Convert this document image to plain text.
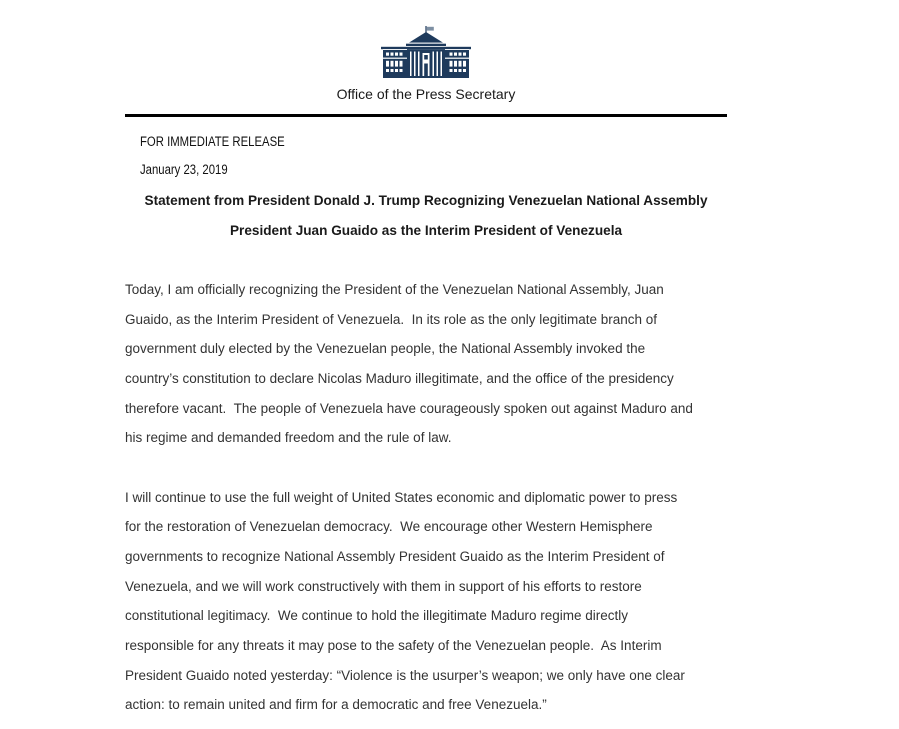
Office of the Press Secretary

FOR IMMEDIATE RELEASE

January 23, 2019

Statement from President Donald J. Trump Recognizing Venezuelan National Assembly
President Juan Guaido as the Interim President of Venezuela
Today, I am officially recognizing the President of the Venezuelan National Assembly, Juan
Guaido, as the Interim President of Venezuela.  In its role as the only legitimate branch of
government duly elected by the Venezuelan people, the National Assembly invoked the
country’s constitution to declare Nicolas Maduro illegitimate, and the office of the presidency
therefore vacant.  The people of Venezuela have courageously spoken out against Maduro and
his regime and demanded freedom and the rule of law.
I will continue to use the full weight of United States economic and diplomatic power to press
for the restoration of Venezuelan democracy.  We encourage other Western Hemisphere
governments to recognize National Assembly President Guaido as the Interim President of
Venezuela, and we will work constructively with them in support of his efforts to restore
constitutional legitimacy.  We continue to hold the illegitimate Maduro regime directly
responsible for any threats it may pose to the safety of the Venezuelan people.  As Interim
President Guaido noted yesterday: “Violence is the usurper’s weapon; we only have one clear
action: to remain united and firm for a democratic and free Venezuela.”
